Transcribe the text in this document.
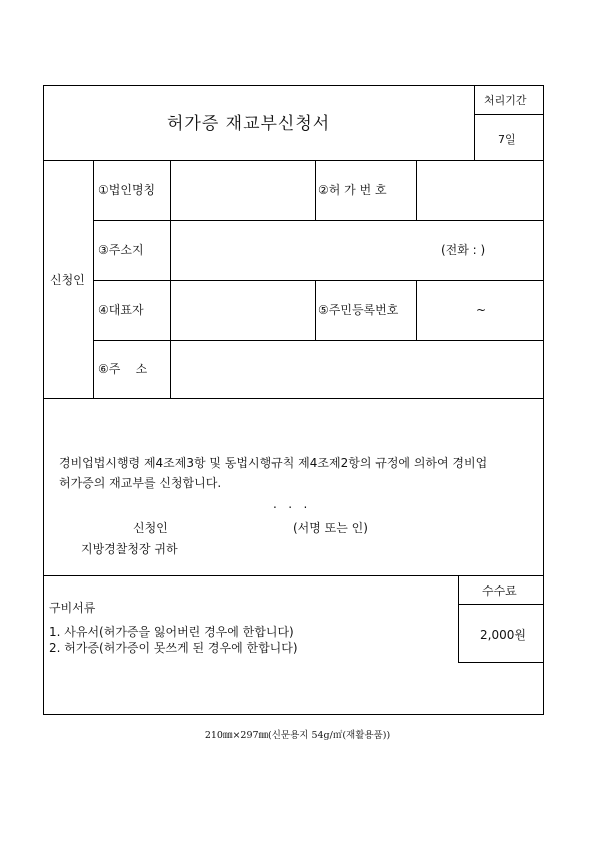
허가증 재교부신청서
처리기간
7일
신청인
①법인명칭	②허 가 번 호
③주소지	(전화 : )
④대표자	⑤주민등록번호	~
⑥주    소
경비업법시행령 제4조제3항 및 동법시행규칙 제4조제2항의 규정에 의하여 경비업
허가증의 재교부를 신청합니다.
.   .   .
신청인	(서명 또는 인)
지방경찰청장 귀하
구비서류
1. 사유서(허가증을 잃어버린 경우에 한합니다)
2. 허가증(허가증이 못쓰게 된 경우에 한합니다)
수수료
2,000원
210㎜×297㎜(신문용지 54g/㎡(재활용품))
